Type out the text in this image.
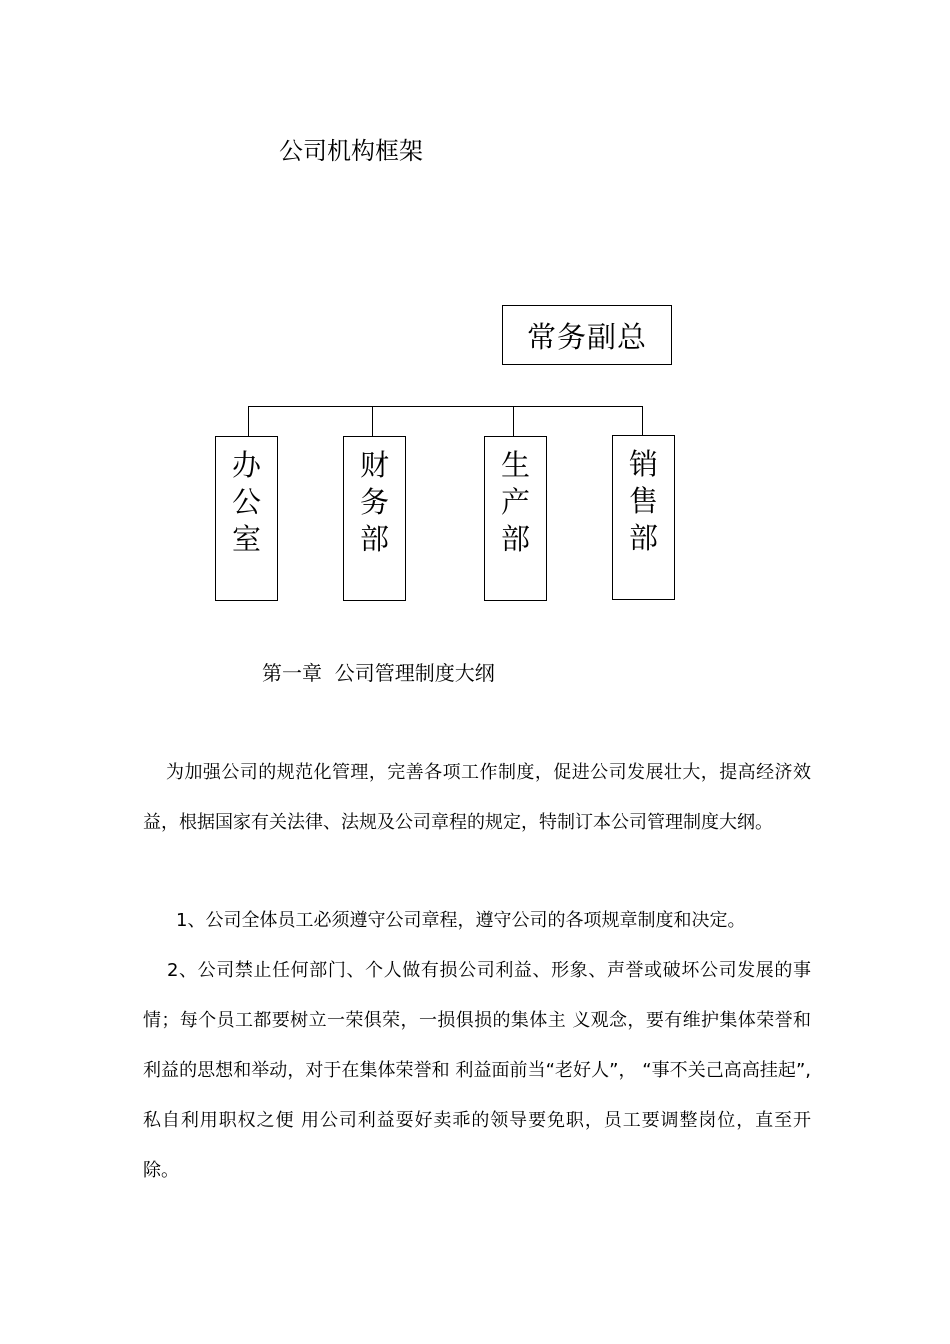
公司机构框架
常务副总
办
公
室
财
务
部
生
产
部
销
售
部
第一章  公司管理制度大纲

为加强公司的规范化管理，完善各项工作制度，促进公司发展壮大，提高经济效益，根据国家有关法律、法规及公司章程的规定，特制订本公司管理制度大纲。

1、公司全体员工必须遵守公司章程，遵守公司的各项规章制度和决定。

2、公司禁止任何部门、个人做有损公司利益、形象、声誉或破坏公司发展的事情；每个员工都要树立一荣俱荣，一损俱损的集体主 义观念，要有维护集体荣誉和利益的思想和举动，对于在集体荣誉和 利益面前当“老好人”， “事不关己高高挂起”,私自利用职权之便 用公司利益耍好卖乖的领导要免职，员工要调整岗位，直至开除。
